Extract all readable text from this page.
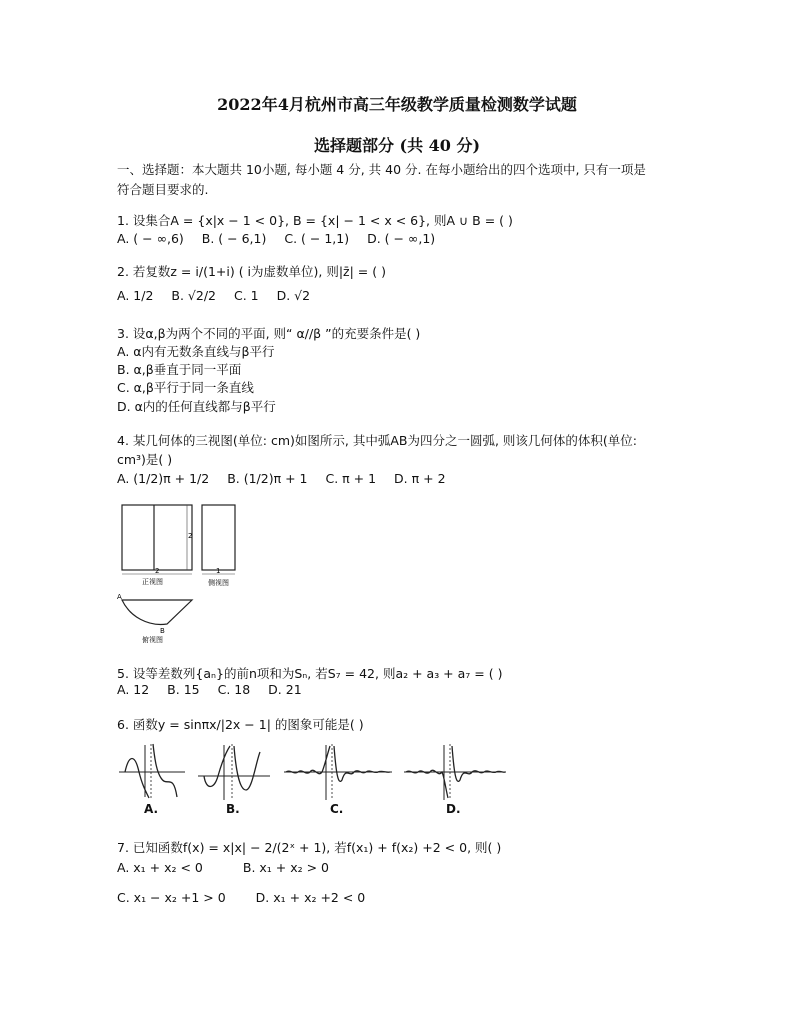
2022年4月杭州市高三年级教学质量检测数学试题
选择题部分 (共 40 分)
一、选择题：本大题共 10小题, 每小题 4 分, 共 40 分. 在每小题给出的四个选项中, 只有一项是
符合题目要求的.
1. 设集合A = {x|x − 1 < 0}, B = {x| − 1 < x < 6}, 则A ∪ B = ( )
A. ( − ∞,6) B. ( − 6,1) C. ( − 1,1) D. ( − ∞,1)
2. 若复数z = i/(1+i) ( i为虚数单位), 则|z̄| = ( )
A. 1/2 B. √2/2 C. 1 D. √2
3. 设α,β为两个不同的平面, 则“ α//β ”的充要条件是( )
A. α内有无数条直线与β平行
B. α,β垂直于同一平面
C. α,β平行于同一条直线
D. α内的任何直线都与β平行
4. 某几何体的三视图(单位: cm)如图所示, 其中弧AB为四分之一圆弧, 则该几何体的体积(单位:
cm³)是( )
A. (1/2)π + 1/2 B. (1/2)π + 1 C. π + 1 D. π + 2
2
2
正视图
1
侧视图
A
B
俯视图
5. 设等差数列{aₙ}的前n项和为Sₙ, 若S₇ = 42, 则a₂ + a₃ + a₇ = ( )
A. 12 B. 15 C. 18 D. 21
6. 函数y = sinπx/|2x − 1| 的图象可能是( )
A.	B.	C.	D.
7. 已知函数f(x) = x|x| − 2/(2ˣ + 1), 若f(x₁) + f(x₂) +2 < 0, 则( )
A. x₁ + x₂ < 0	B. x₁ + x₂ > 0
C. x₁ − x₂ +1 > 0 D. x₁ + x₂ +2 < 0
